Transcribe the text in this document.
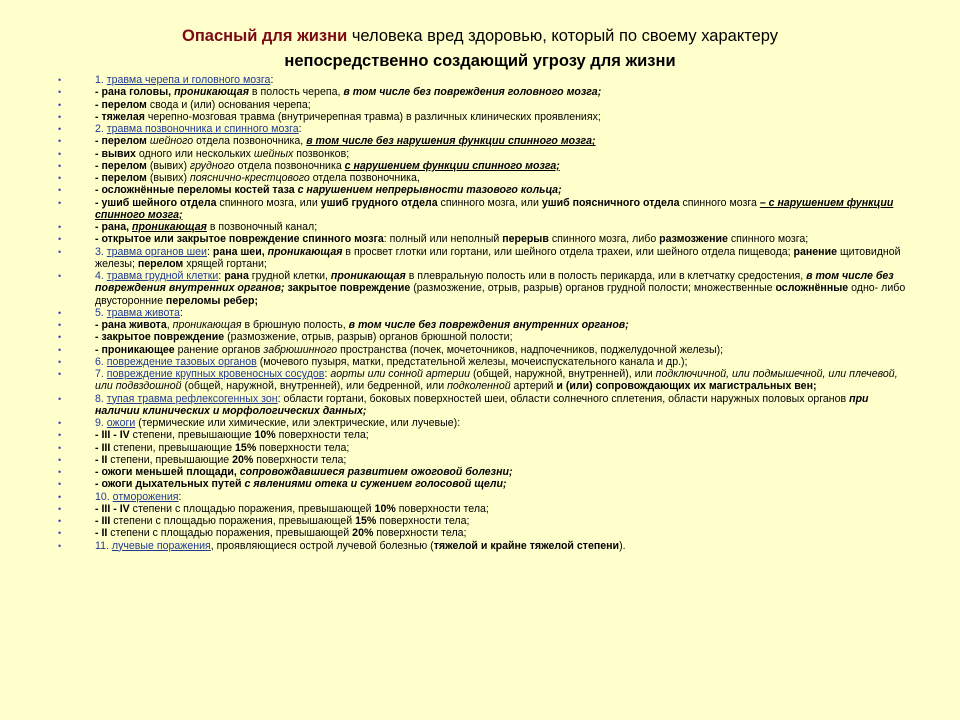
Опасный для жизни человека вред здоровью, который по своему характеру
непосредственно создающий угрозу для жизни
• 1. травма черепа и головного мозга:
• - рана головы, проникающая в полость черепа, в том числе без повреждения головного мозга;
• - перелом свода и (или) основания черепа;
• - тяжелая черепно-мозговая травма (внутричерепная травма) в различных клинических проявлениях;
• 2. травма позвоночника и спинного мозга:
• - перелом шейного отдела позвоночника, в том числе без нарушения функции спинного мозга;
• - вывих одного или нескольких шейных позвонков;
• - перелом (вывих) грудного отдела позвоночника с нарушением функции спинного мозга;
• - перелом (вывих) пояснично-крестцового отдела позвоночника,
• - осложнённые переломы костей таза с нарушением непрерывности тазового кольца;
• - ушиб шейного отдела спинного мозга, или ушиб грудного отдела спинного мозга, или ушиб поясничного отдела спинного мозга – с нарушением функции спинного мозга;
• - рана, проникающая в позвоночный канал;
• - открытое или закрытое повреждение спинного мозга: полный или неполный перерыв спинного мозга, либо размозжение спинного мозга;
• 3. травма органов шеи: рана шеи, проникающая в просвет глотки или гортани, или шейного отдела трахеи, или шейного отдела пищевода; ранение щитовидной железы; перелом хрящей гортани;
• 4. травма грудной клетки: рана грудной клетки, проникающая в плевральную полость или в полость перикарда, или в клетчатку средостения, в том числе без повреждения внутренних органов; закрытое повреждение (размозжение, отрыв, разрыв) органов грудной полости; множественные осложнённые одно- либо двусторонние переломы ребер;
• 5. травма живота:
• - рана живота, проникающая в брюшную полость, в том числе без повреждения внутренних органов;
• - закрытое повреждение (размозжение, отрыв, разрыв) органов брюшной полости;
• - проникающее ранение органов забрюшинного пространства (почек, мочеточников, надпочечников, поджелудочной железы);
• 6. повреждение тазовых органов (мочевого пузыря, матки, предстательной железы, мочеиспускательного канала и др.);
• 7. повреждение крупных кровеносных сосудов: аорты или сонной артерии (общей, наружной, внутренней), или подключичной, или подмышечной, или плечевой, или подвздошной (общей, наружной, внутренней), или бедренной, или подколенной артерий и (или) сопровождающих их магистральных вен;
• 8. тупая травма рефлексогенных зон: области гортани, боковых поверхностей шеи, области солнечного сплетения, области наружных половых органов при наличии клинических и морфологических данных;
• 9. ожоги (термические или химические, или электрические, или лучевые):
• - III - IV степени, превышающие 10% поверхности тела;
• - III степени, превышающие 15% поверхности тела;
• - II степени, превышающие 20% поверхности тела;
• - ожоги меньшей площади, сопровождавшиеся развитием ожоговой болезни;
• - ожоги дыхательных путей с явлениями отека и сужением голосовой щели;
• 10. отморожения:
• - III - IV степени с площадью поражения, превышающей 10% поверхности тела;
• - III степени с площадью поражения, превышающей 15% поверхности тела;
• - II степени с площадью поражения, превышающей 20% поверхности тела;
• 11. лучевые поражения, проявляющиеся острой лучевой болезнью (тяжелой и крайне тяжелой степени).
